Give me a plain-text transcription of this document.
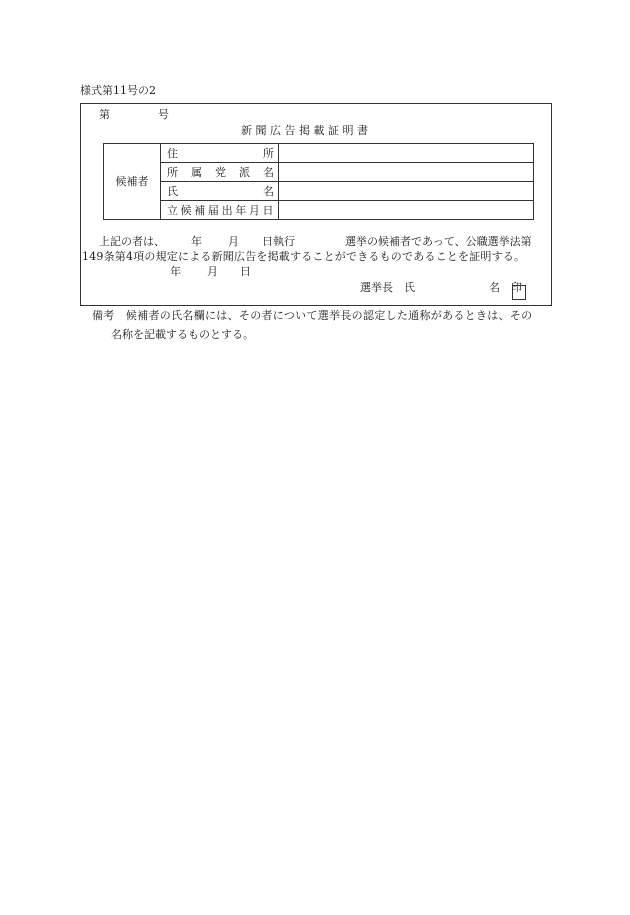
様式第11号の2
第	号
新 聞 広 告 掲 載 証 明 書
候補者	住　　　　　所	
	所　属　党　派　名	
	氏　　　　　名	
	立候補届出年月日	
上記の者は、 年 月 日執行	選挙の候補者であって、公職選挙法第
149条第4項の規定による新聞広告を掲載することができるものであることを証明する。
年 月 日
選挙長　氏	名 印
備考　候補者の氏名欄には、その者について選挙長の認定した通称があるときは、その
名称を記載するものとする。
